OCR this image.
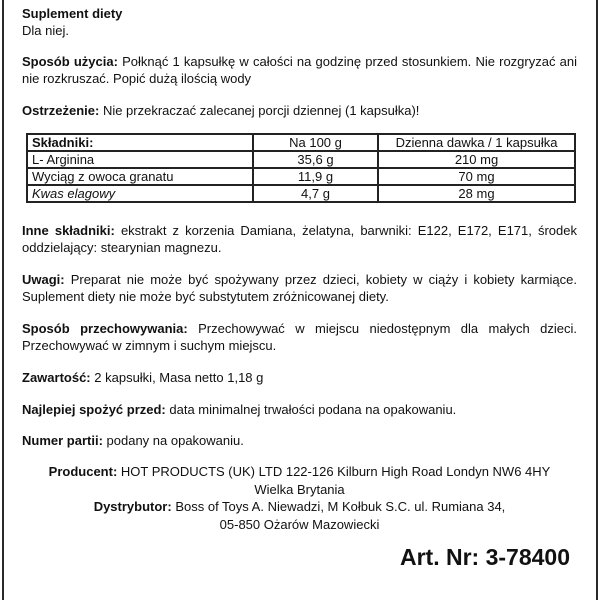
Suplement diety
Dla niej.
Sposób użycia: Połknąć 1 kapsułkę w całości na godzinę przed stosunkiem. Nie rozgryzać ani nie rozkruszać. Popić dużą ilością wody
Ostrzeżenie: Nie przekraczać zalecanej porcji dziennej (1 kapsułka)!
Składniki:	Na 100 g	Dzienna dawka / 1 kapsułka
L- Arginina	35,6 g	210 mg
Wyciąg z owoca granatu	11,9 g	70 mg
Kwas elagowy	4,7 g	28 mg
Inne składniki: ekstrakt z korzenia Damiana, żelatyna, barwniki: E122, E172, E171, środek oddzielający: stearynian magnezu.
Uwagi: Preparat nie może być spożywany przez dzieci, kobiety w ciąży i kobiety karmiące. Suplement diety nie może być substytutem zróżnicowanej diety.
Sposób przechowywania: Przechowywać w miejscu niedostępnym dla małych dzieci. Przechowywać w zimnym i suchym miejscu.
Zawartość: 2 kapsułki, Masa netto 1,18 g
Najlepiej spożyć przed: data minimalnej trwałości podana na opakowaniu.
Numer partii: podany na opakowaniu.
Producent: HOT PRODUCTS (UK) LTD 122-126 Kilburn High Road Londyn NW6 4HY
Wielka Brytania
Dystrybutor: Boss of Toys A. Niewadzi, M Kołbuk S.C. ul. Rumiana 34,
05-850 Ożarów Mazowiecki
Art. Nr: 3-78400
